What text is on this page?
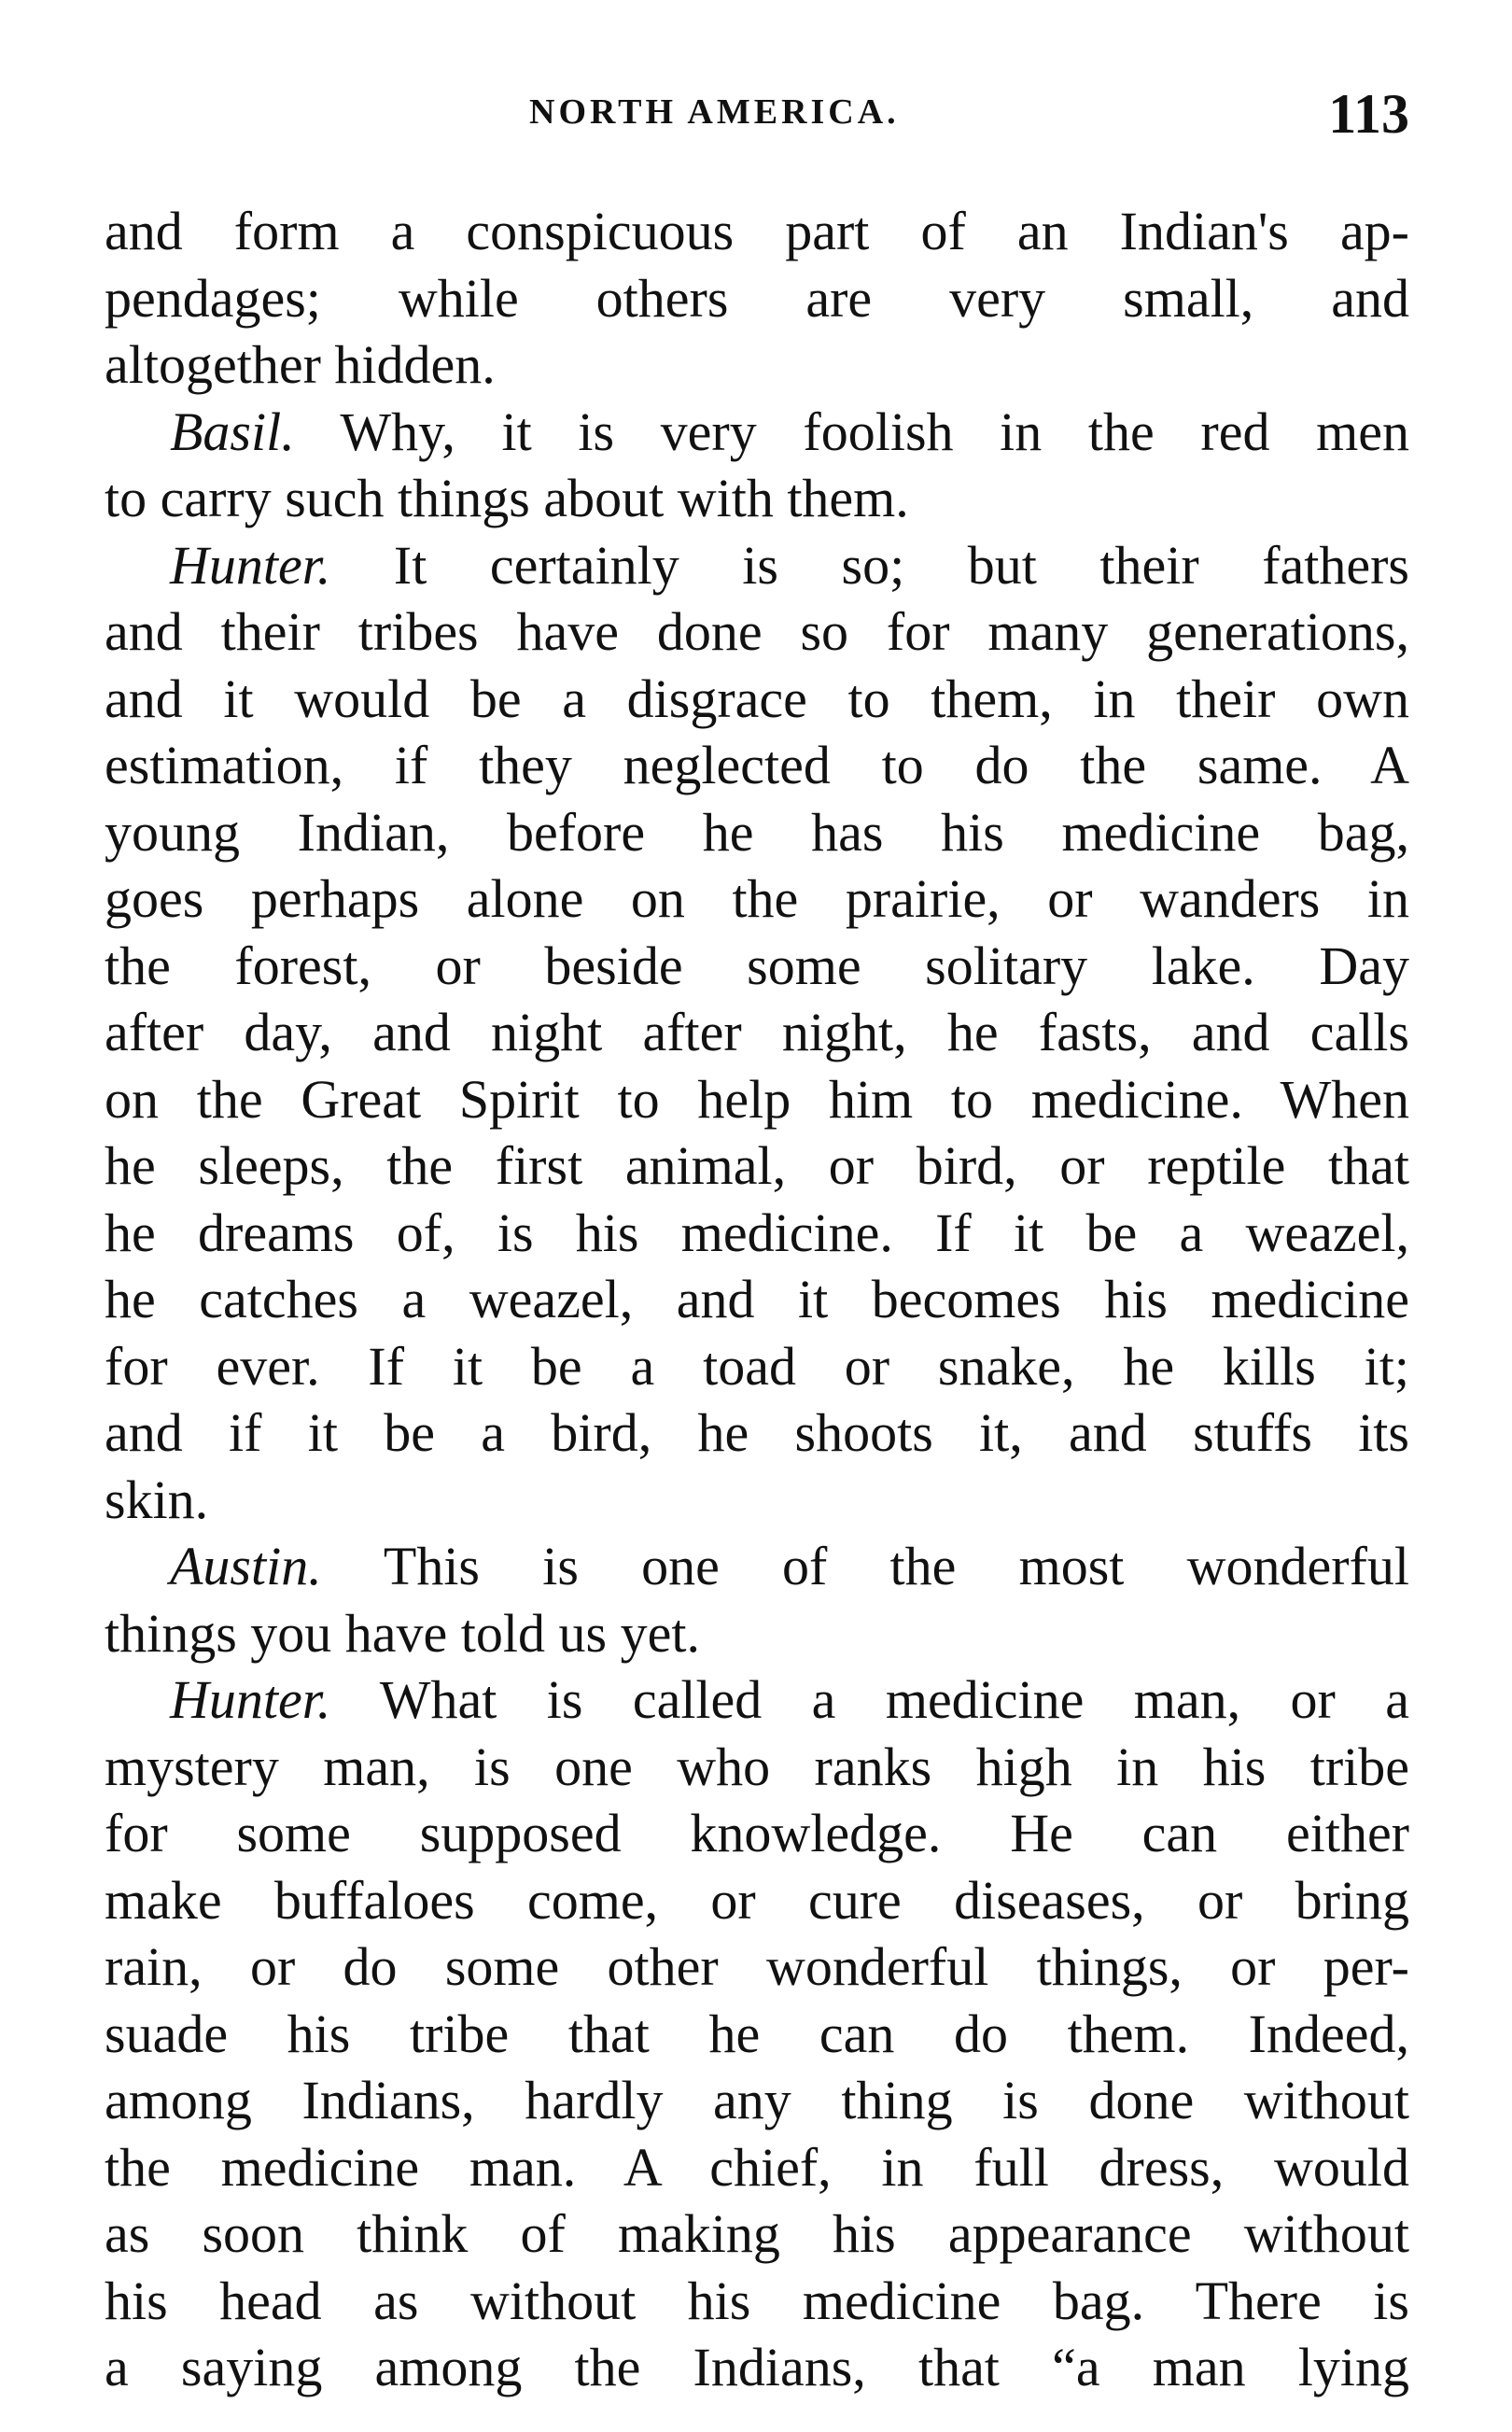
NORTH AMERICA.	113
and form a conspicuous part of an Indian's ap-
pendages; while others are very small, and
altogether hidden.
Basil. Why, it is very foolish in the red men
to carry such things about with them.
Hunter. It certainly is so; but their fathers
and their tribes have done so for many generations,
and it would be a disgrace to them, in their own
estimation, if they neglected to do the same. A
young Indian, before he has his medicine bag,
goes perhaps alone on the prairie, or wanders in
the forest, or beside some solitary lake. Day
after day, and night after night, he fasts, and calls
on the Great Spirit to help him to medicine. When
he sleeps, the first animal, or bird, or reptile that
he dreams of, is his medicine. If it be a weazel,
he catches a weazel, and it becomes his medicine
for ever. If it be a toad or snake, he kills it;
and if it be a bird, he shoots it, and stuffs its
skin.
Austin. This is one of the most wonderful
things you have told us yet.
Hunter. What is called a medicine man, or a
mystery man, is one who ranks high in his tribe
for some supposed knowledge. He can either
make buffaloes come, or cure diseases, or bring
rain, or do some other wonderful things, or per-
suade his tribe that he can do them. Indeed,
among Indians, hardly any thing is done without
the medicine man. A chief, in full dress, would
as soon think of making his appearance without
his head as without his medicine bag. There is
a saying among the Indians, that “a man lying
